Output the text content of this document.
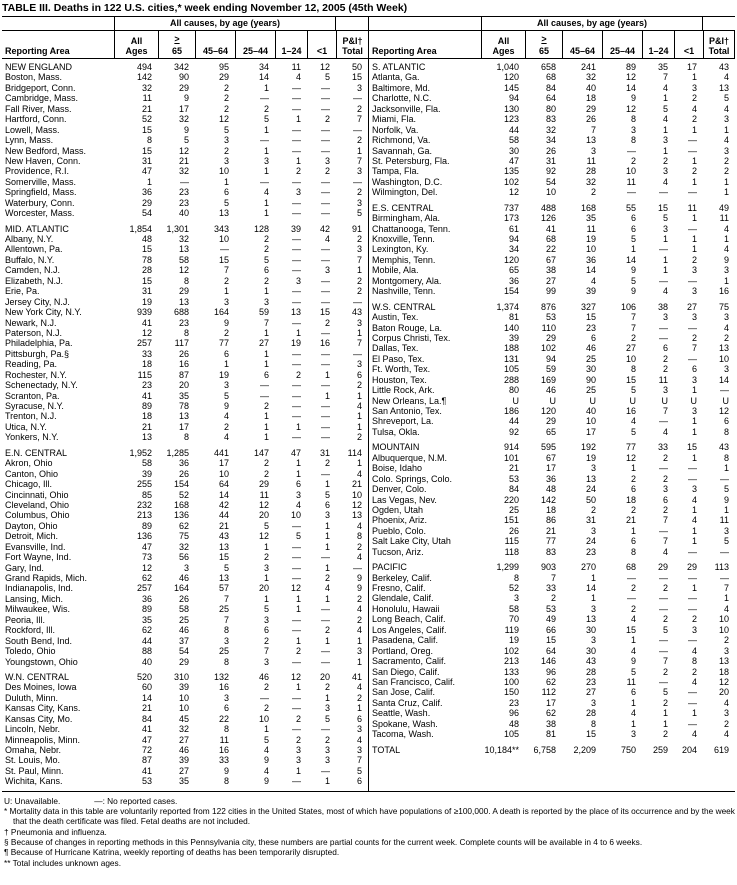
TABLE III. Deaths in 122 U.S. cities,* week ending November 12, 2005 (45th Week)
All causes, by age (years)
Reporting Area
All
Ages
>
65	45–64	25–44	1–24	<1
P&I†
Total
NEW ENGLAND	494	342	95	34	11	12	50
Boston, Mass.	142	90	29	14	4	5	15
Bridgeport, Conn.	32	29	2	1	—	—	3
Cambridge, Mass.	11	9	2	—	—	—	—
Fall River, Mass.	21	17	2	2	—	—	2
Hartford, Conn.	52	32	12	5	1	2	7
Lowell, Mass.	15	9	5	1	—	—	—
Lynn, Mass.	8	5	3	—	—	—	2
New Bedford, Mass.	15	12	2	1	—	—	1
New Haven, Conn.	31	21	3	3	1	3	7
Providence, R.I.	47	32	10	1	2	2	3
Somerville, Mass.	1	—	1	—	—	—	—
Springfield, Mass.	36	23	6	4	3	—	2
Waterbury, Conn.	29	23	5	1	—	—	3
Worcester, Mass.	54	40	13	1	—	—	5
MID. ATLANTIC	1,854	1,301	343	128	39	42	91
Albany, N.Y.	48	32	10	2	—	4	2
Allentown, Pa.	15	13	—	2	—	—	3
Buffalo, N.Y.	78	58	15	5	—	—	7
Camden, N.J.	28	12	7	6	—	3	1
Elizabeth, N.J.	15	8	2	2	3	—	2
Erie, Pa.	31	29	1	1	—	—	2
Jersey City, N.J.	19	13	3	3	—	—	—
New York City, N.Y.	939	688	164	59	13	15	43
Newark, N.J.	41	23	9	7	—	2	3
Paterson, N.J.	12	8	2	1	1	—	1
Philadelphia, Pa.	257	117	77	27	19	16	7
Pittsburgh, Pa.§	33	26	6	1	—	—	—
Reading, Pa.	18	16	1	1	—	—	3
Rochester, N.Y.	115	87	19	6	2	1	6
Schenectady, N.Y.	23	20	3	—	—	—	2
Scranton, Pa.	41	35	5	—	—	1	1
Syracuse, N.Y.	89	78	9	2	—	—	4
Trenton, N.J.	18	13	4	1	—	—	1
Utica, N.Y.	21	17	2	1	1	—	1
Yonkers, N.Y.	13	8	4	1	—	—	2
E.N. CENTRAL	1,952	1,285	441	147	47	31	114
Akron, Ohio	58	36	17	2	1	2	1
Canton, Ohio	39	26	10	2	1	—	4
Chicago, Ill.	255	154	64	29	6	1	21
Cincinnati, Ohio	85	52	14	11	3	5	10
Cleveland, Ohio	232	168	42	12	4	6	12
Columbus, Ohio	213	136	44	20	10	3	13
Dayton, Ohio	89	62	21	5	—	1	4
Detroit, Mich.	136	75	43	12	5	1	8
Evansville, Ind.	47	32	13	1	—	1	2
Fort Wayne, Ind.	73	56	15	2	—	—	4
Gary, Ind.	12	3	5	3	—	1	—
Grand Rapids, Mich.	62	46	13	1	—	2	9
Indianapolis, Ind.	257	164	57	20	12	4	9
Lansing, Mich.	36	26	7	1	1	1	2
Milwaukee, Wis.	89	58	25	5	1	—	4
Peoria, Ill.	35	25	7	3	—	—	2
Rockford, Ill.	62	46	8	6	—	2	4
South Bend, Ind.	44	37	3	2	1	1	1
Toledo, Ohio	88	54	25	7	2	—	3
Youngstown, Ohio	40	29	8	3	—	—	1
W.N. CENTRAL	520	310	132	46	12	20	41
Des Moines, Iowa	60	39	16	2	1	2	4
Duluth, Minn.	14	10	3	—	—	1	2
Kansas City, Kans.	21	10	6	2	—	3	1
Kansas City, Mo.	84	45	22	10	2	5	6
Lincoln, Nebr.	41	32	8	1	—	—	3
Minneapolis, Minn.	47	27	11	5	2	2	4
Omaha, Nebr.	72	46	16	4	3	3	3
St. Louis, Mo.	87	39	33	9	3	3	7
St. Paul, Minn.	41	27	9	4	1	—	5
Wichita, Kans.	53	35	8	9	—	1	6
All causes, by age (years)
Reporting Area
All
Ages
>
65	45–64	25–44	1–24	<1
P&I†
Total
S. ATLANTIC	1,040	658	241	89	35	17	43
Atlanta, Ga.	120	68	32	12	7	1	4
Baltimore, Md.	145	84	40	14	4	3	13
Charlotte, N.C.	94	64	18	9	1	2	5
Jacksonville, Fla.	130	80	29	12	5	4	4
Miami, Fla.	123	83	26	8	4	2	3
Norfolk, Va.	44	32	7	3	1	1	1
Richmond, Va.	58	34	13	8	3	—	4
Savannah, Ga.	30	26	3	—	1	—	3
St. Petersburg, Fla.	47	31	11	2	2	1	2
Tampa, Fla.	135	92	28	10	3	2	2
Washington, D.C.	102	54	32	11	4	1	1
Wilmington, Del.	12	10	2	—	—	—	1
E.S. CENTRAL	737	488	168	55	15	11	49
Birmingham, Ala.	173	126	35	6	5	1	11
Chattanooga, Tenn.	61	41	11	6	3	—	4
Knoxville, Tenn.	94	68	19	5	1	1	1
Lexington, Ky.	34	22	10	1	—	1	4
Memphis, Tenn.	120	67	36	14	1	2	9
Mobile, Ala.	65	38	14	9	1	3	3
Montgomery, Ala.	36	27	4	5	—	—	1
Nashville, Tenn.	154	99	39	9	4	3	16
W.S. CENTRAL	1,374	876	327	106	38	27	75
Austin, Tex.	81	53	15	7	3	3	3
Baton Rouge, La.	140	110	23	7	—	—	4
Corpus Christi, Tex.	39	29	6	2	—	2	2
Dallas, Tex.	188	102	46	27	6	7	13
El Paso, Tex.	131	94	25	10	2	—	10
Ft. Worth, Tex.	105	59	30	8	2	6	3
Houston, Tex.	288	169	90	15	11	3	14
Little Rock, Ark.	80	46	25	5	3	1	—
New Orleans, La.¶	U	U	U	U	U	U	U
San Antonio, Tex.	186	120	40	16	7	3	12
Shreveport, La.	44	29	10	4	—	1	6
Tulsa, Okla.	92	65	17	5	4	1	8
MOUNTAIN	914	595	192	77	33	15	43
Albuquerque, N.M.	101	67	19	12	2	1	8
Boise, Idaho	21	17	3	1	—	—	1
Colo. Springs, Colo.	53	36	13	2	2	—	—
Denver, Colo.	84	48	24	6	3	3	5
Las Vegas, Nev.	220	142	50	18	6	4	9
Ogden, Utah	25	18	2	2	2	1	1
Phoenix, Ariz.	151	86	31	21	7	4	11
Pueblo, Colo.	26	21	3	1	—	1	3
Salt Lake City, Utah	115	77	24	6	7	1	5
Tucson, Ariz.	118	83	23	8	4	—	—
PACIFIC	1,299	903	270	68	29	29	113
Berkeley, Calif.	8	7	1	—	—	—	—
Fresno, Calif.	52	33	14	2	2	1	7
Glendale, Calif.	3	2	1	—	—	—	1
Honolulu, Hawaii	58	53	3	2	—	—	4
Long Beach, Calif.	70	49	13	4	2	2	10
Los Angeles, Calif.	119	66	30	15	5	3	10
Pasadena, Calif.	19	15	3	1	—	—	2
Portland, Oreg.	102	64	30	4	—	4	3
Sacramento, Calif.	213	146	43	9	7	8	13
San Diego, Calif.	133	96	28	5	2	2	18
San Francisco, Calif.	100	62	23	11	—	4	12
San Jose, Calif.	150	112	27	6	5	—	20
Santa Cruz, Calif.	23	17	3	1	2	—	4
Seattle, Wash.	96	62	28	4	1	1	3
Spokane, Wash.	48	38	8	1	1	—	2
Tacoma, Wash.	105	81	15	3	2	4	4
TOTAL	10,184**	6,758	2,209	750	259	204	619
U: Unavailable.	—: No reported cases.
* Mortality data in this table are voluntarily reported from 122 cities in the United States, most of which have populations of ≥100,000. A death is reported by the place of its occurrence and by the week that the death certificate was filed. Fetal deaths are not included.
† Pneumonia and influenza.
§ Because of changes in reporting methods in this Pennsylvania city, these numbers are partial counts for the current week. Complete counts will be available in 4 to 6 weeks.
¶ Because of Hurricane Katrina, weekly reporting of deaths has been temporarily disrupted.
** Total includes unknown ages.
